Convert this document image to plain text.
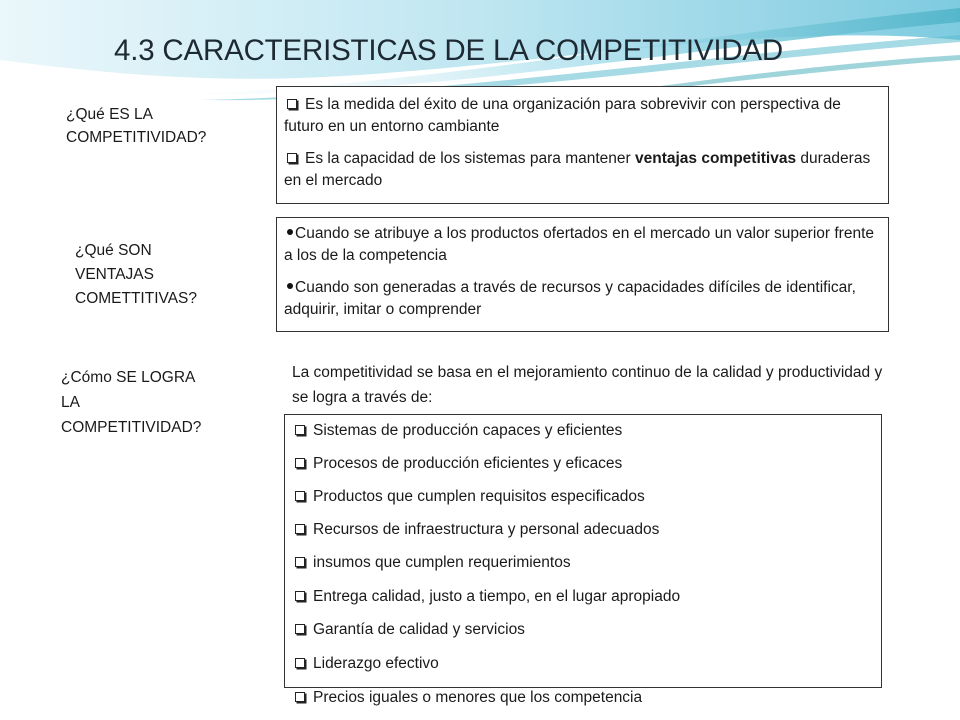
4.3 CARACTERISTICAS DE LA COMPETITIVIDAD
¿Qué ES LA
COMPETITIVIDAD?
Es la medida del éxito de una organización para sobrevivir con perspectiva de futuro en un entorno cambiante
Es la capacidad de los sistemas para mantener ventajas competitivas duraderas en el mercado
¿Qué SON
VENTAJAS
COMETTITIVAS?
Cuando se atribuye a los productos ofertados en el mercado un valor superior frente a los de la competencia
Cuando son generadas a través de recursos y capacidades difíciles de identificar, adquirir, imitar o comprender
¿Cómo SE LOGRA
LA
COMPETITIVIDAD?
La competitividad se basa en el mejoramiento continuo de la calidad y productividad y se logra a través de:
Sistemas de producción capaces y eficientes
Procesos de producción eficientes y eficaces
Productos que cumplen requisitos especificados
Recursos de infraestructura y personal adecuados
insumos que cumplen requerimientos
Entrega calidad, justo a tiempo, en el lugar apropiado
Garantía de calidad y servicios
Liderazgo efectivo
Precios iguales o menores que los competencia
